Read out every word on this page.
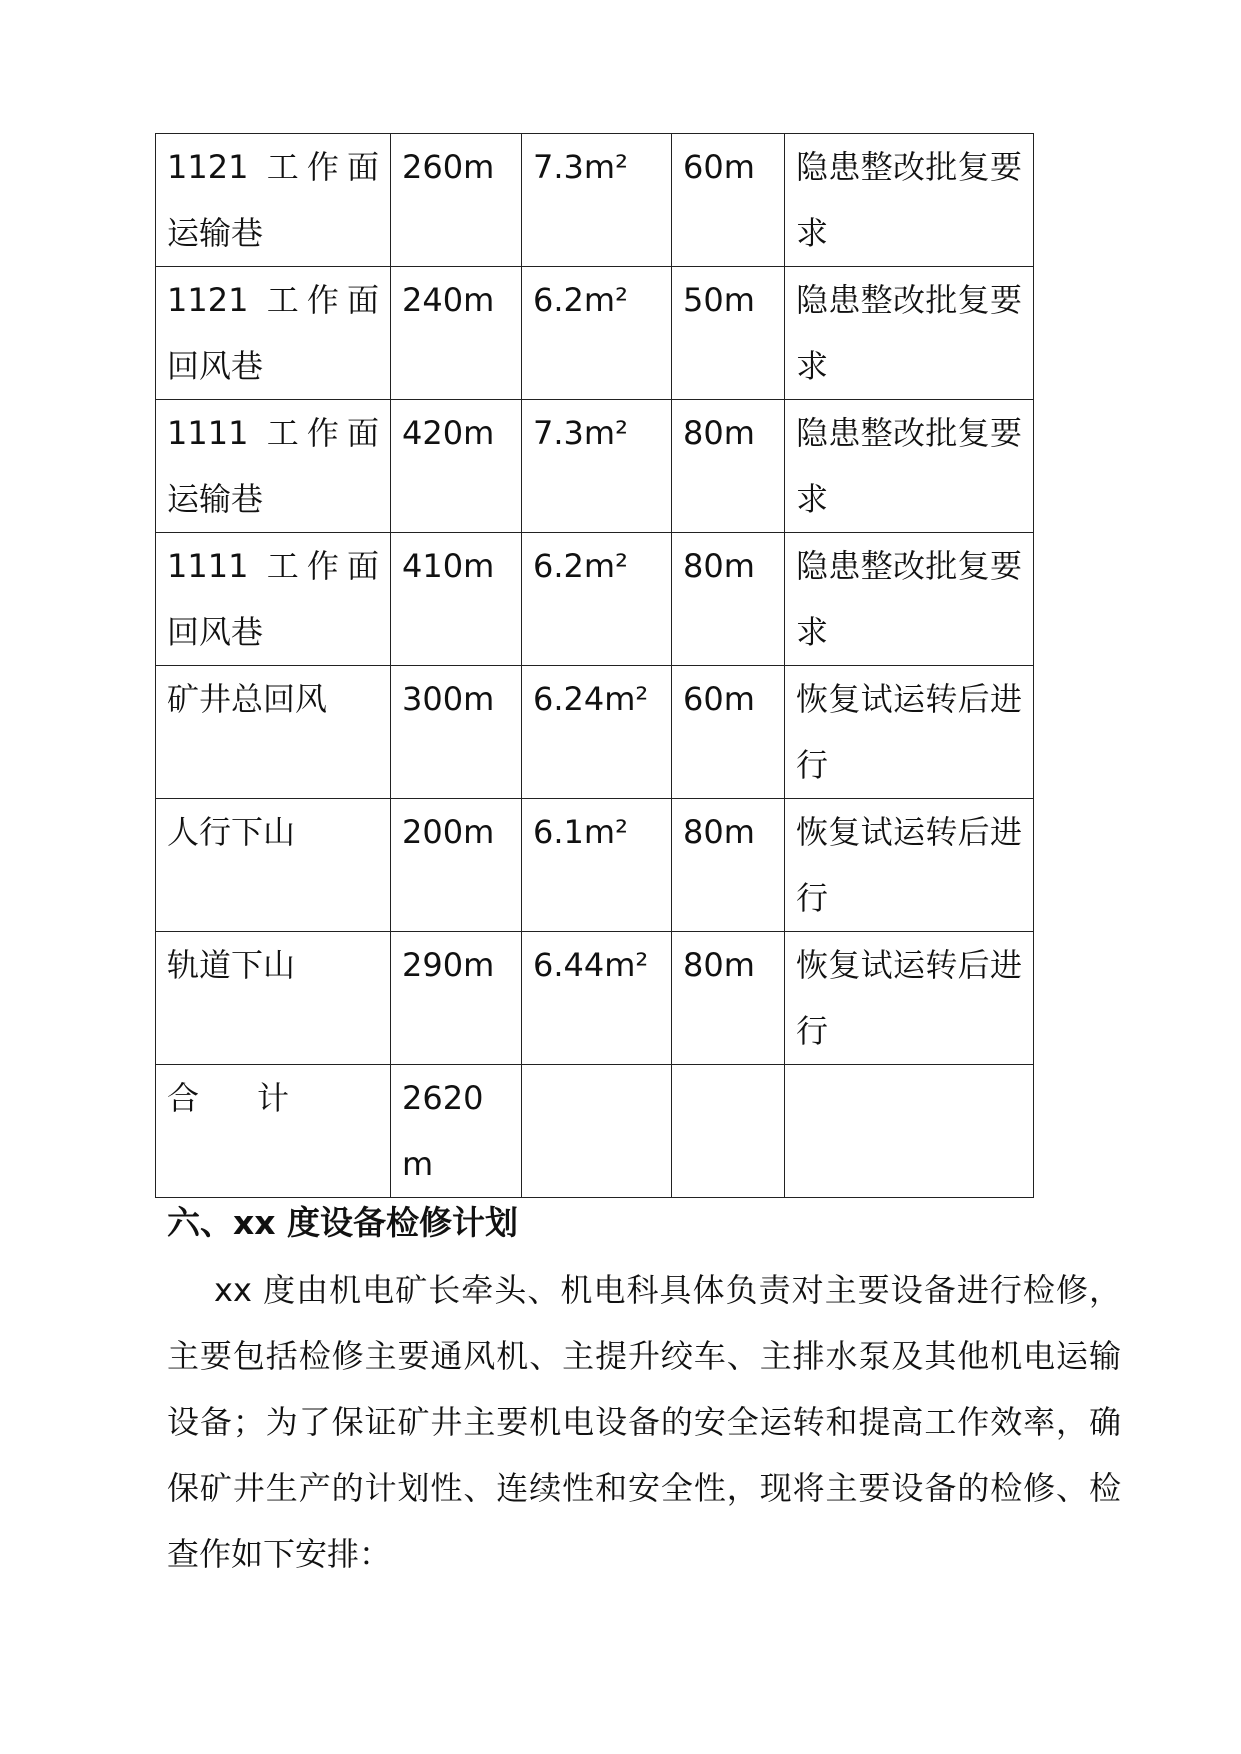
1121 工作面运输巷	260m	7.3m²	60m	隐患整改批复要求
1121 工作面回风巷	240m	6.2m²	50m	隐患整改批复要求
1111 工作面运输巷	420m	7.3m²	80m	隐患整改批复要求
1111 工作面回风巷	410m	6.2m²	80m	隐患整改批复要求
矿井总回风	300m	6.24m²	60m	恢复试运转后进行
人行下山	200m	6.1m²	80m	恢复试运转后进行
轨道下山	290m	6.44m²	80m	恢复试运转后进行

合 计	2620m			
六、xx 度设备检修计划

xx 度由机电矿长牵头、机电科具体负责对主要设备进行检修，主要包括检修主要通风机、主提升绞车、主排水泵及其他机电运输设备；为了保证矿井主要机电设备的安全运转和提高工作效率，确保矿井生产的计划性、连续性和安全性，现将主要设备的检修、检查作如下安排：
